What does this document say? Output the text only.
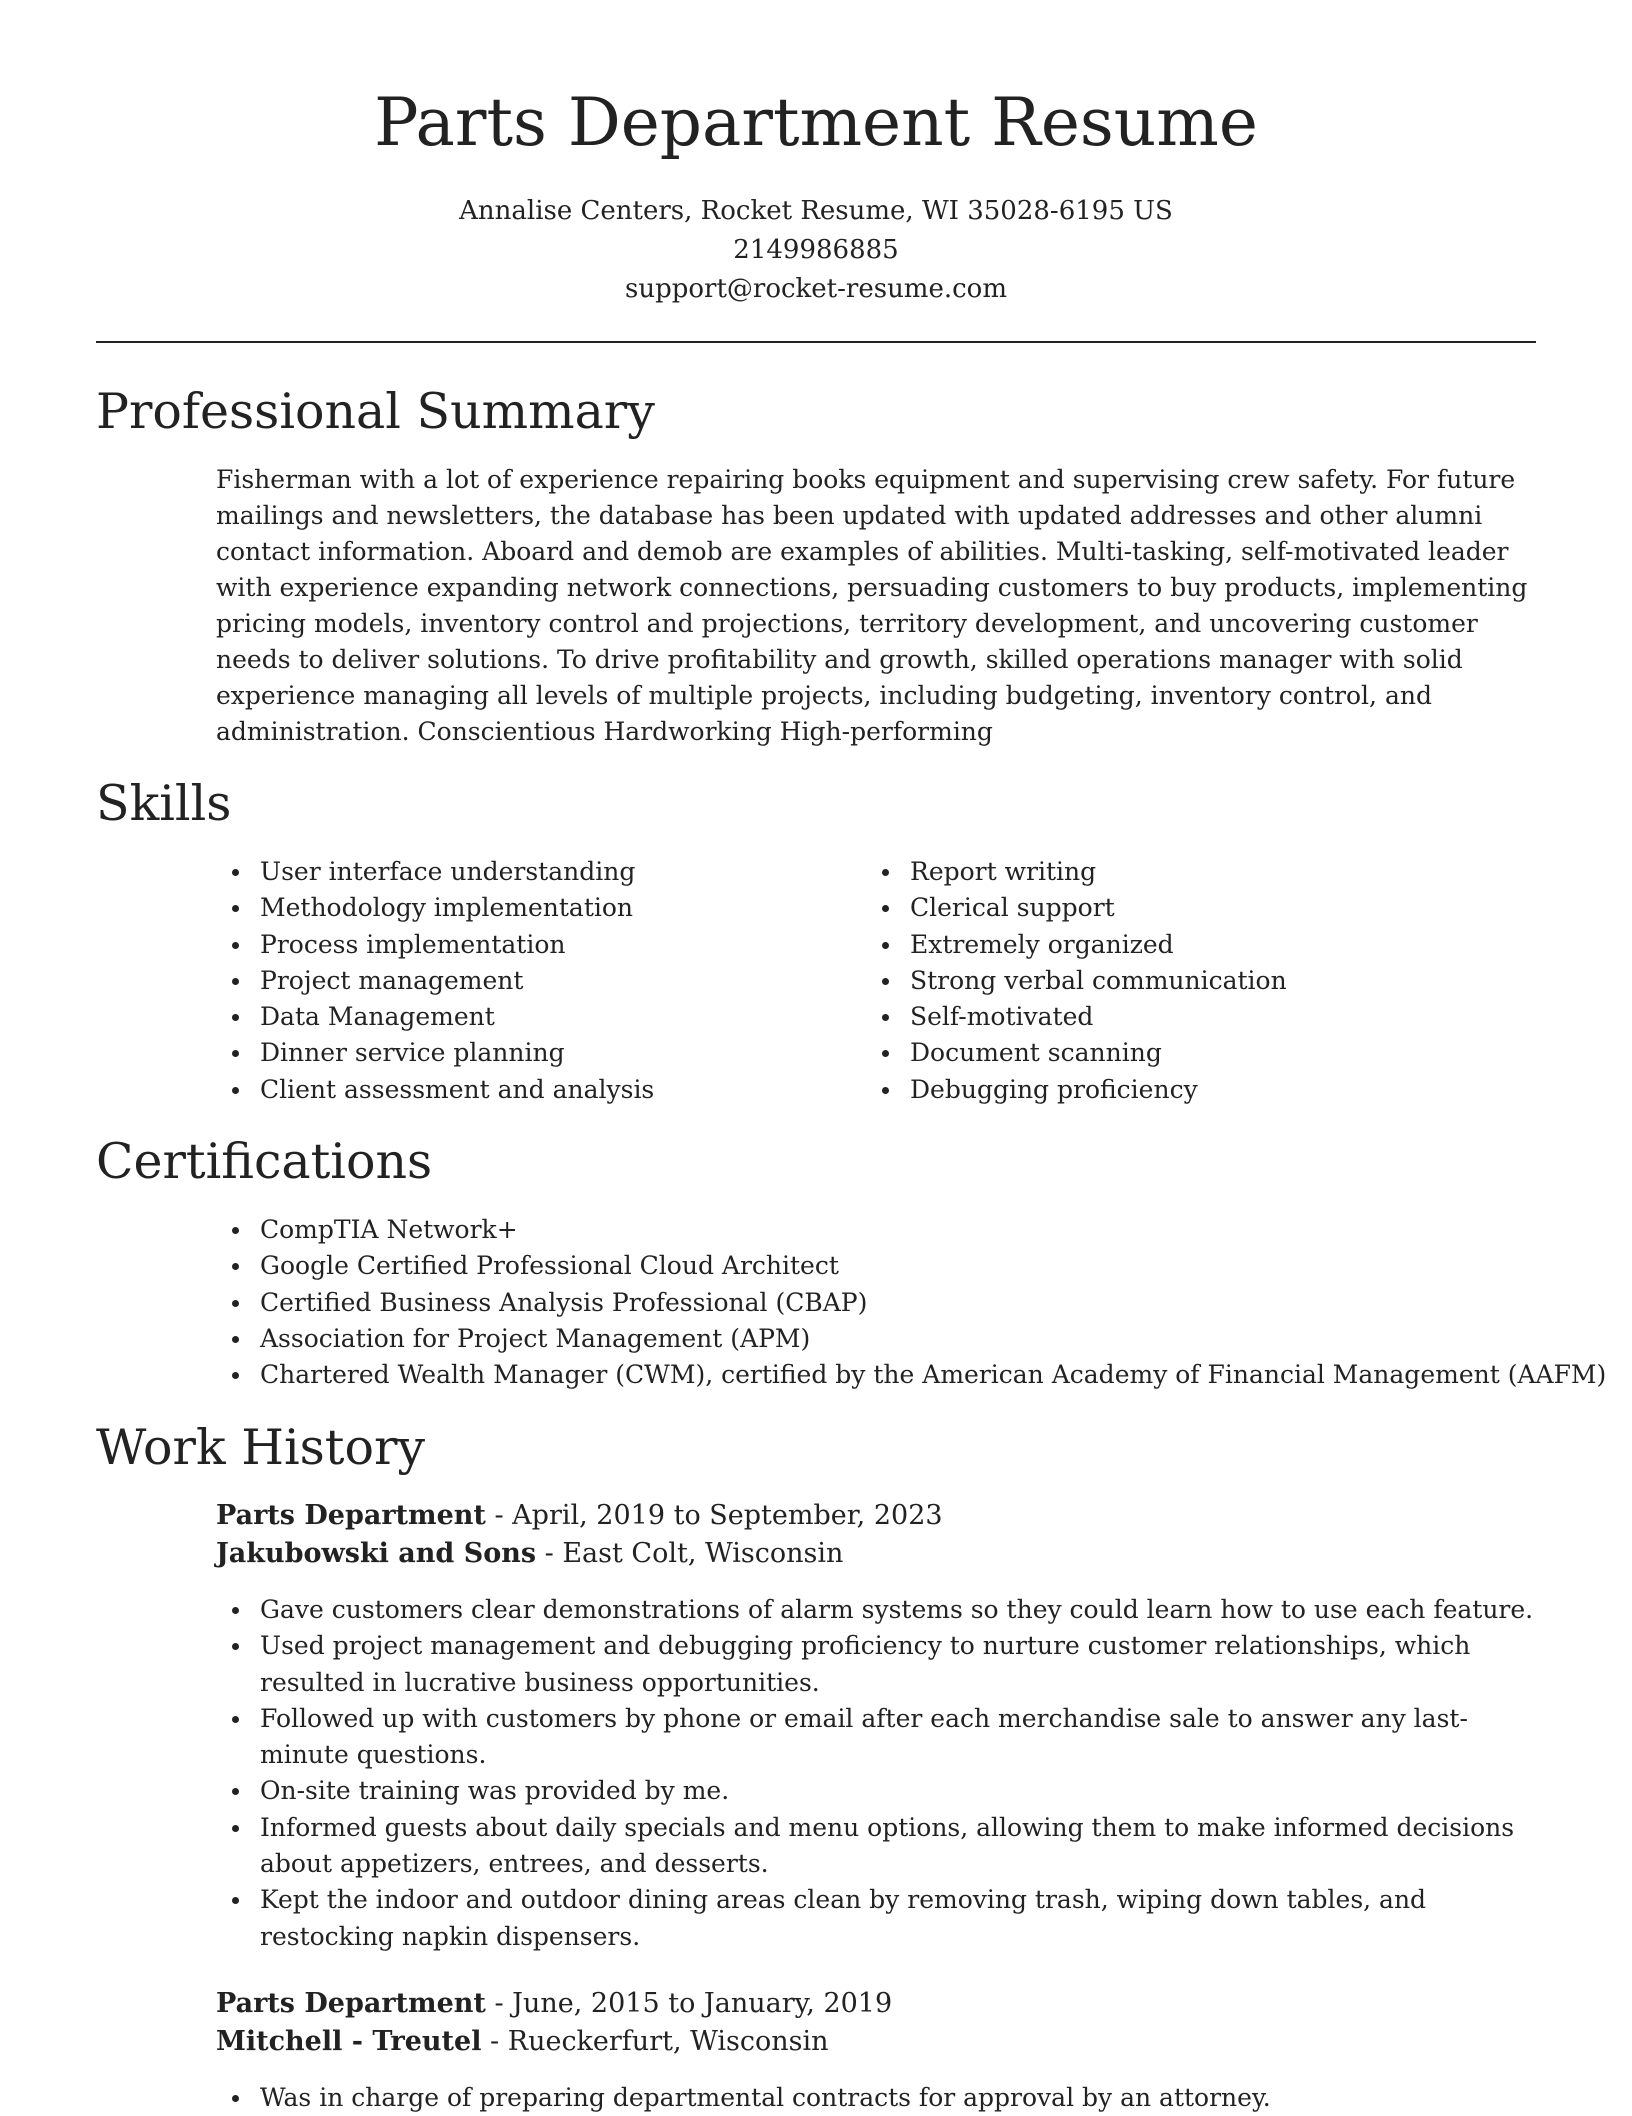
Parts Department Resume
Annalise Centers, Rocket Resume, WI 35028-6195 US
2149986885
support@rocket-resume.com
Professional Summary
Fisherman with a lot of experience repairing books equipment and supervising crew safety. For future mailings and newsletters, the database has been updated with updated addresses and other alumni contact information. Aboard and demob are examples of abilities. Multi-tasking, self-motivated leader with experience expanding network connections, persuading customers to buy products, implementing pricing models, inventory control and projections, territory development, and uncovering customer needs to deliver solutions. To drive profitability and growth, skilled operations manager with solid experience managing all levels of multiple projects, including budgeting, inventory control, and administration. Conscientious Hardworking High-performing
Skills
User interface understanding
Methodology implementation
Process implementation
Project management
Data Management
Dinner service planning
Client assessment and analysis
Report writing
Clerical support
Extremely organized
Strong verbal communication
Self-motivated
Document scanning
Debugging proficiency
Certifications
CompTIA Network+
Google Certified Professional Cloud Architect
Certified Business Analysis Professional (CBAP)
Association for Project Management (APM)
Chartered Wealth Manager (CWM), certified by the American Academy of Financial Management (AAFM)
Work History
Parts Department - April, 2019 to September, 2023
Jakubowski and Sons - East Colt, Wisconsin
Gave customers clear demonstrations of alarm systems so they could learn how to use each feature.
Used project management and debugging proficiency to nurture customer relationships, which resulted in lucrative business opportunities.
Followed up with customers by phone or email after each merchandise sale to answer any last-minute questions.
On-site training was provided by me.
Informed guests about daily specials and menu options, allowing them to make informed decisions about appetizers, entrees, and desserts.
Kept the indoor and outdoor dining areas clean by removing trash, wiping down tables, and restocking napkin dispensers.
Parts Department - June, 2015 to January, 2019
Mitchell - Treutel - Rueckerfurt, Wisconsin
Was in charge of preparing departmental contracts for approval by an attorney.
